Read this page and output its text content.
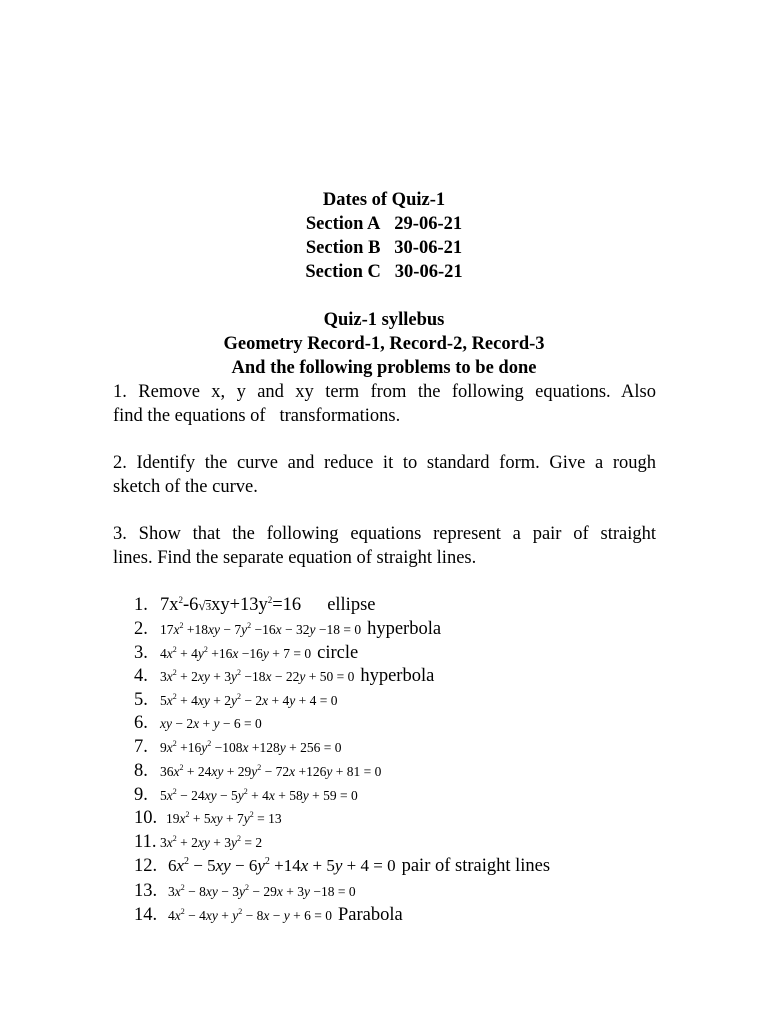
Dates of Quiz-1
Section A 29-06-21
Section B 30-06-21
Section C 30-06-21
Quiz-1 syllebus
Geometry Record-1, Record-2, Record-3
And the following problems to be done
1. Remove x, y and xy term from the following equations. Also
find the equations of   transformations.
2. Identify the curve and reduce it to standard form. Give a rough
sketch of the curve.
3. Show that the following equations represent a pair of straight
lines. Find the separate equation of straight lines.
1. $7x^2-6√3xy+13y^2=16$ ellipse
2. $17x^2 +18xy - 7y^2 -16x - 32y -18 = 0$ hyperbola
3. $4x^2 + 4y^2 +16x -16y + 7 = 0$ circle
4. $3x^2 + 2xy + 3y^2 -18x - 22y + 50 = 0$ hyperbola
5. $5x^2 + 4xy + 2y^2 - 2x + 4y + 4 = 0$
6. xy − 2x + y − 6 = 0
7. $9x^2 +16y^2 -108x +128y + 256 = 0$
8. $36x^2 + 24xy + 29y^2 - 72x +126y + 81 = 0$
9. $5x^2 - 24xy - 5y^2 + 4x + 58y + 59 = 0$
10. $19x^2 + 5xy + 7y^2 = 13$
11. $3x^2 + 2xy + 3y^2 = 2$
12. $6x^2 - 5xy - 6y^2 +14x + 5y + 4 = 0$ pair of straight lines
13. $3x^2 - 8xy - 3y^2 - 29x + 3y -18 = 0$
14. $4x^2 - 4xy + y^2 - 8x - y + 6 = 0$ Parabola
